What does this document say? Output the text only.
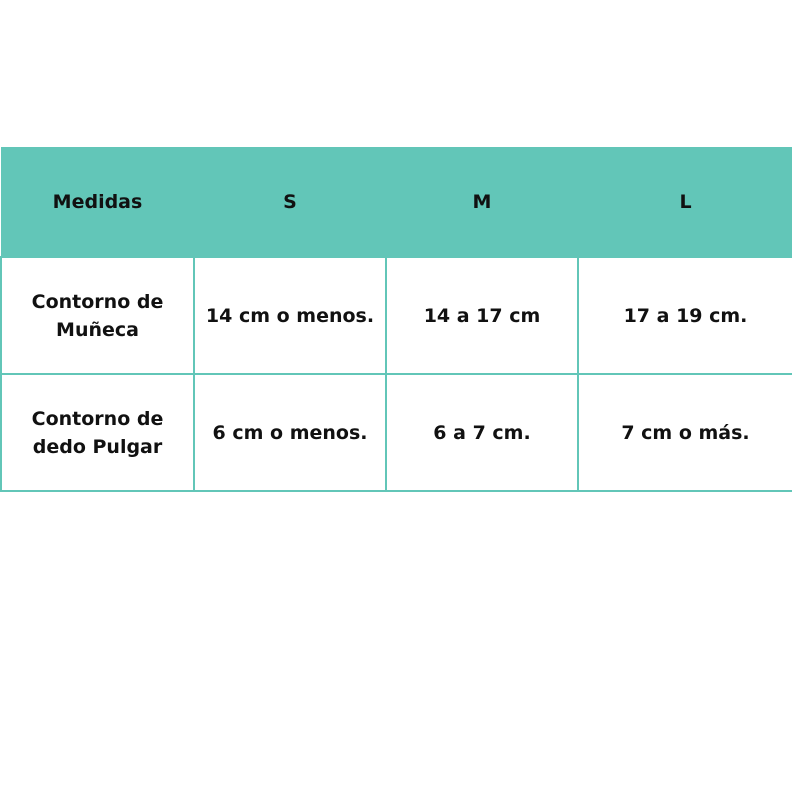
Medidas	S	M	L
Contorno de Muñeca	14 cm o menos.	14 a 17 cm	17 a 19 cm.
Contorno de dedo Pulgar	6 cm o menos.	6 a 7 cm.	7 cm o más.
